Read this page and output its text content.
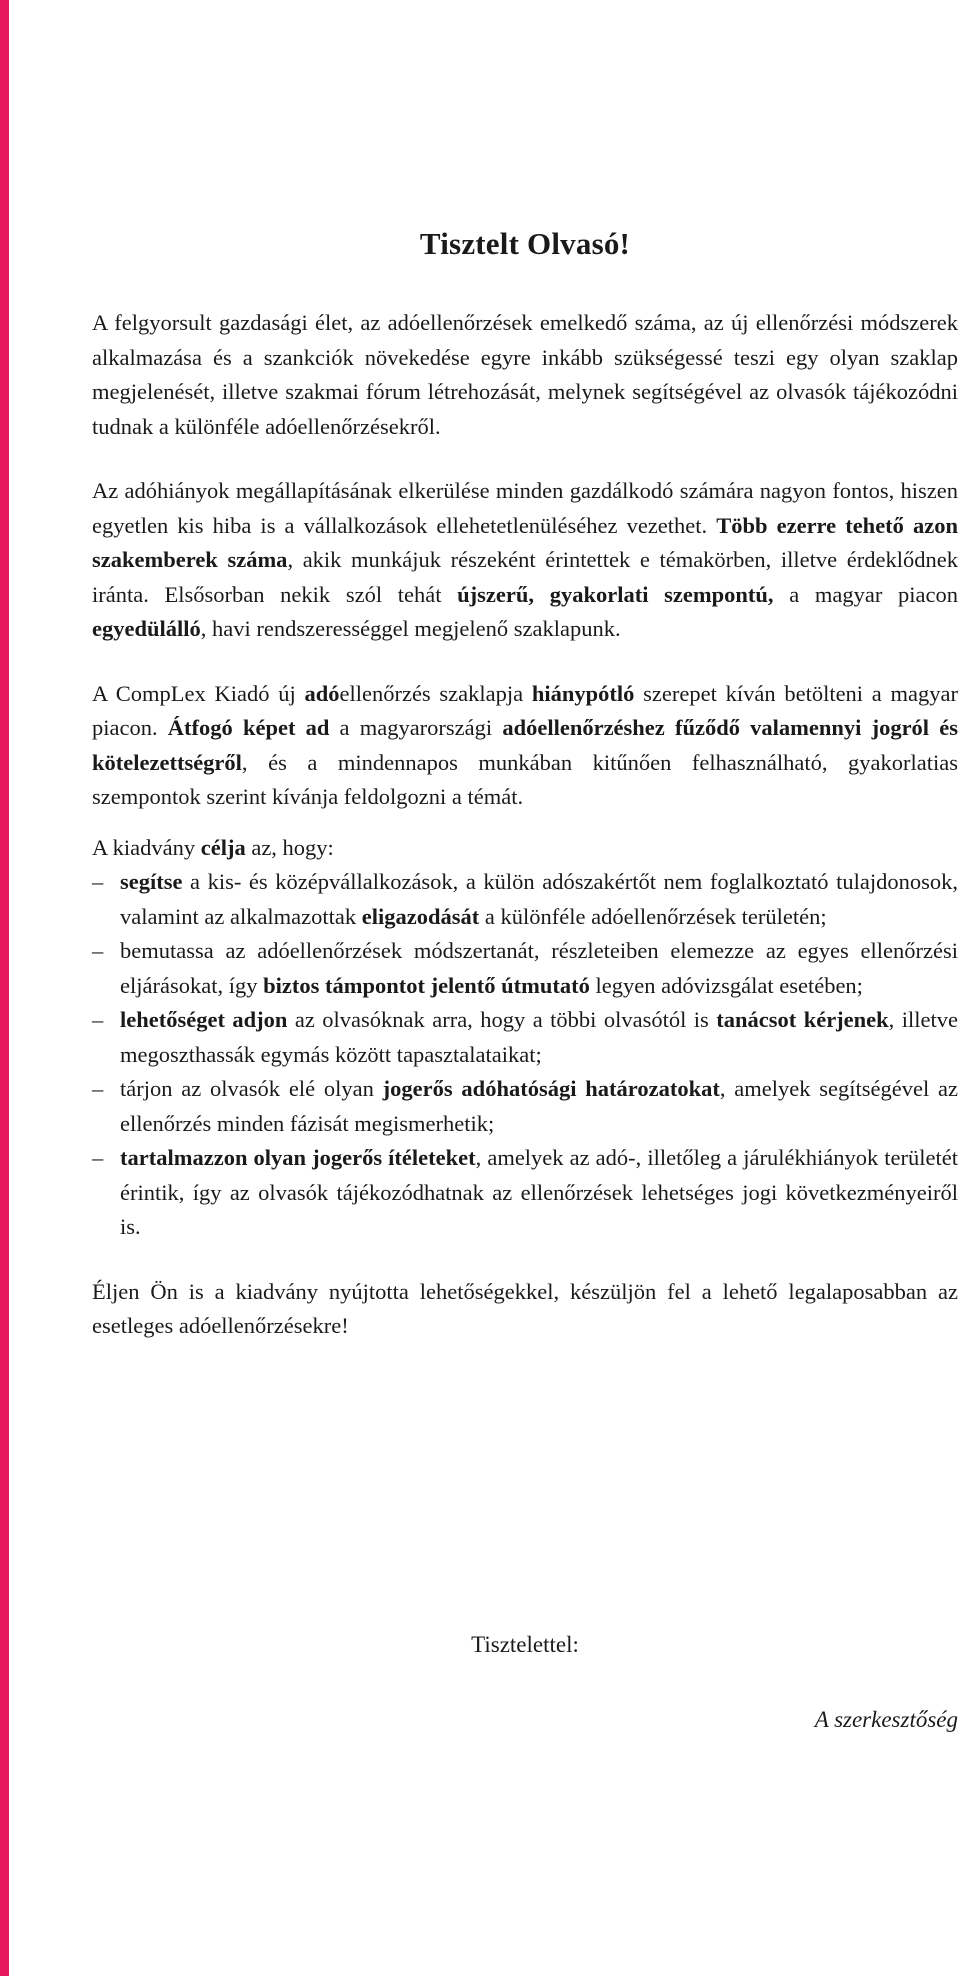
Tisztelt Olvasó!

A felgyorsult gazdasági élet, az adóellenőrzések emelkedő száma, az új ellenőrzési módszerek alkalmazása és a szankciók növekedése egyre inkább szükségessé teszi egy olyan szaklap megjelenését, illetve szakmai fórum létrehozását, melynek segítségével az olvasók tájékozódni tudnak a különféle adóellenőrzésekről.

Az adóhiányok megállapításának elkerülése minden gazdálkodó számára nagyon fontos, hiszen egyetlen kis hiba is a vállalkozások ellehetetlenüléséhez vezethet. Több ezerre tehető azon szakemberek száma, akik munkájuk részeként érintettek e témakörben, illetve érdeklődnek iránta. Elsősorban nekik szól tehát újszerű, gyakorlati szempontú, a magyar piacon egyedülálló, havi rendszerességgel megjelenő szaklapunk.

A CompLex Kiadó új adóellenőrzés szaklapja hiánypótló szerepet kíván betölteni a magyar piacon. Átfogó képet ad a magyarországi adóellenőrzéshez fűződő valamennyi jogról és kötelezettségről, és a mindennapos munkában kitűnően felhasználható, gyakorlatias szempontok szerint kívánja feldolgozni a témát.

A kiadvány célja az, hogy:

– segítse a kis- és középvállalkozások, a külön adószakértőt nem foglalkoztató tulajdonosok, valamint az alkalmazottak eligazodását a különféle adóellenőrzések területén;
– bemutassa az adóellenőrzések módszertanát, részleteiben elemezze az egyes ellenőrzési eljárásokat, így biztos támpontot jelentő útmutató legyen adóvizsgálat esetében;
– lehetőséget adjon az olvasóknak arra, hogy a többi olvasótól is tanácsot kérjenek, illetve megoszthassák egymás között tapasztalataikat;
– tárjon az olvasók elé olyan jogerős adóhatósági határozatokat, amelyek segítségével az ellenőrzés minden fázisát megismerhetik;
– tartalmazzon olyan jogerős ítéleteket, amelyek az adó-, illetőleg a járulékhiányok területét érintik, így az olvasók tájékozódhatnak az ellenőrzések lehetséges jogi következményeiről is.

Éljen Ön is a kiadvány nyújtotta lehetőségekkel, készüljön fel a lehető legalaposabban az esetleges adóellenőrzésekre!

Tisztelettel:
A szerkesztőség
